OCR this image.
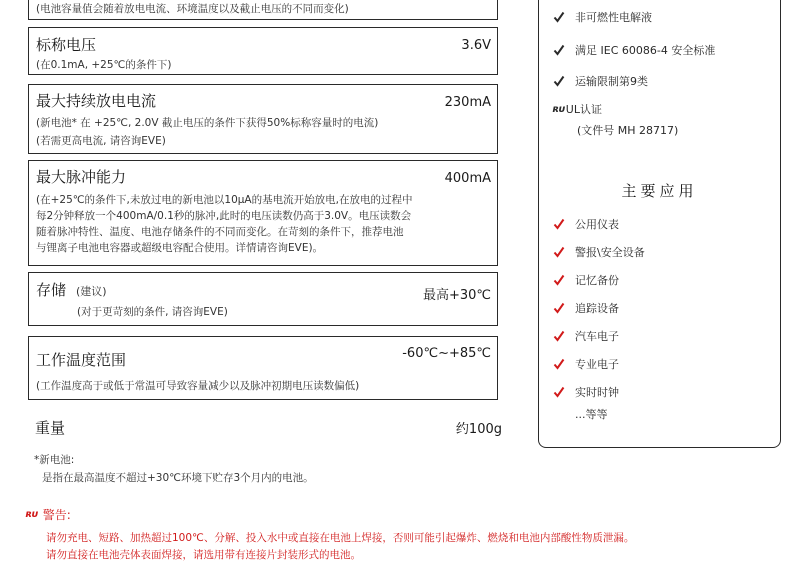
(电池容量值会随着放电电流、环境温度以及截止电压的不同而变化)
标称电压	3.6V
(在0.1mA, +25℃的条件下)
最大持续放电电流	230mA
(新电池* 在 +25℃, 2.0V 截止电压的条件下获得50%标称容量时的电流)
(若需更高电流, 请咨询EVE)
最大脉冲能力	400mA
(在+25℃的条件下,未放过电的新电池以10μA的基电流开始放电,在放电的过程中
每2分钟释放一个400mA/0.1秒的脉冲,此时的电压读数仍高于3.0V。电压读数会
随着脉冲特性、温度、电池存储条件的不同而变化。在苛刻的条件下，推荐电池
与锂离子电池电容器或超级电容配合使用。详情请咨询EVE)。
存储 (建议)	最高+30℃
(对于更苛刻的条件, 请咨询EVE)
工作温度范围	-60℃~+85℃
(工作温度高于或低于常温可导致容量减少以及脉冲初期电压读数偏低)
重量	约100g
*新电池:
是指在最高温度不超过+30℃环境下贮存3个月内的电池。
ʀᴜ 警告:
请勿充电、短路、加热超过100℃、分解、投入水中或直接在电池上焊接，否则可能引起爆炸、燃烧和电池内部酸性物质泄漏。
请勿直接在电池壳体表面焊接，请选用带有连接片封装形式的电池。
非可燃性电解液
满足 IEC 60086-4 安全标准
运输限制第9类
ʀᴜ UL认证
(文件号 MH 28717)
主要应用
公用仪表
警报\安全设备
记忆备份
追踪设备
汽车电子
专业电子
实时时钟
...等等
